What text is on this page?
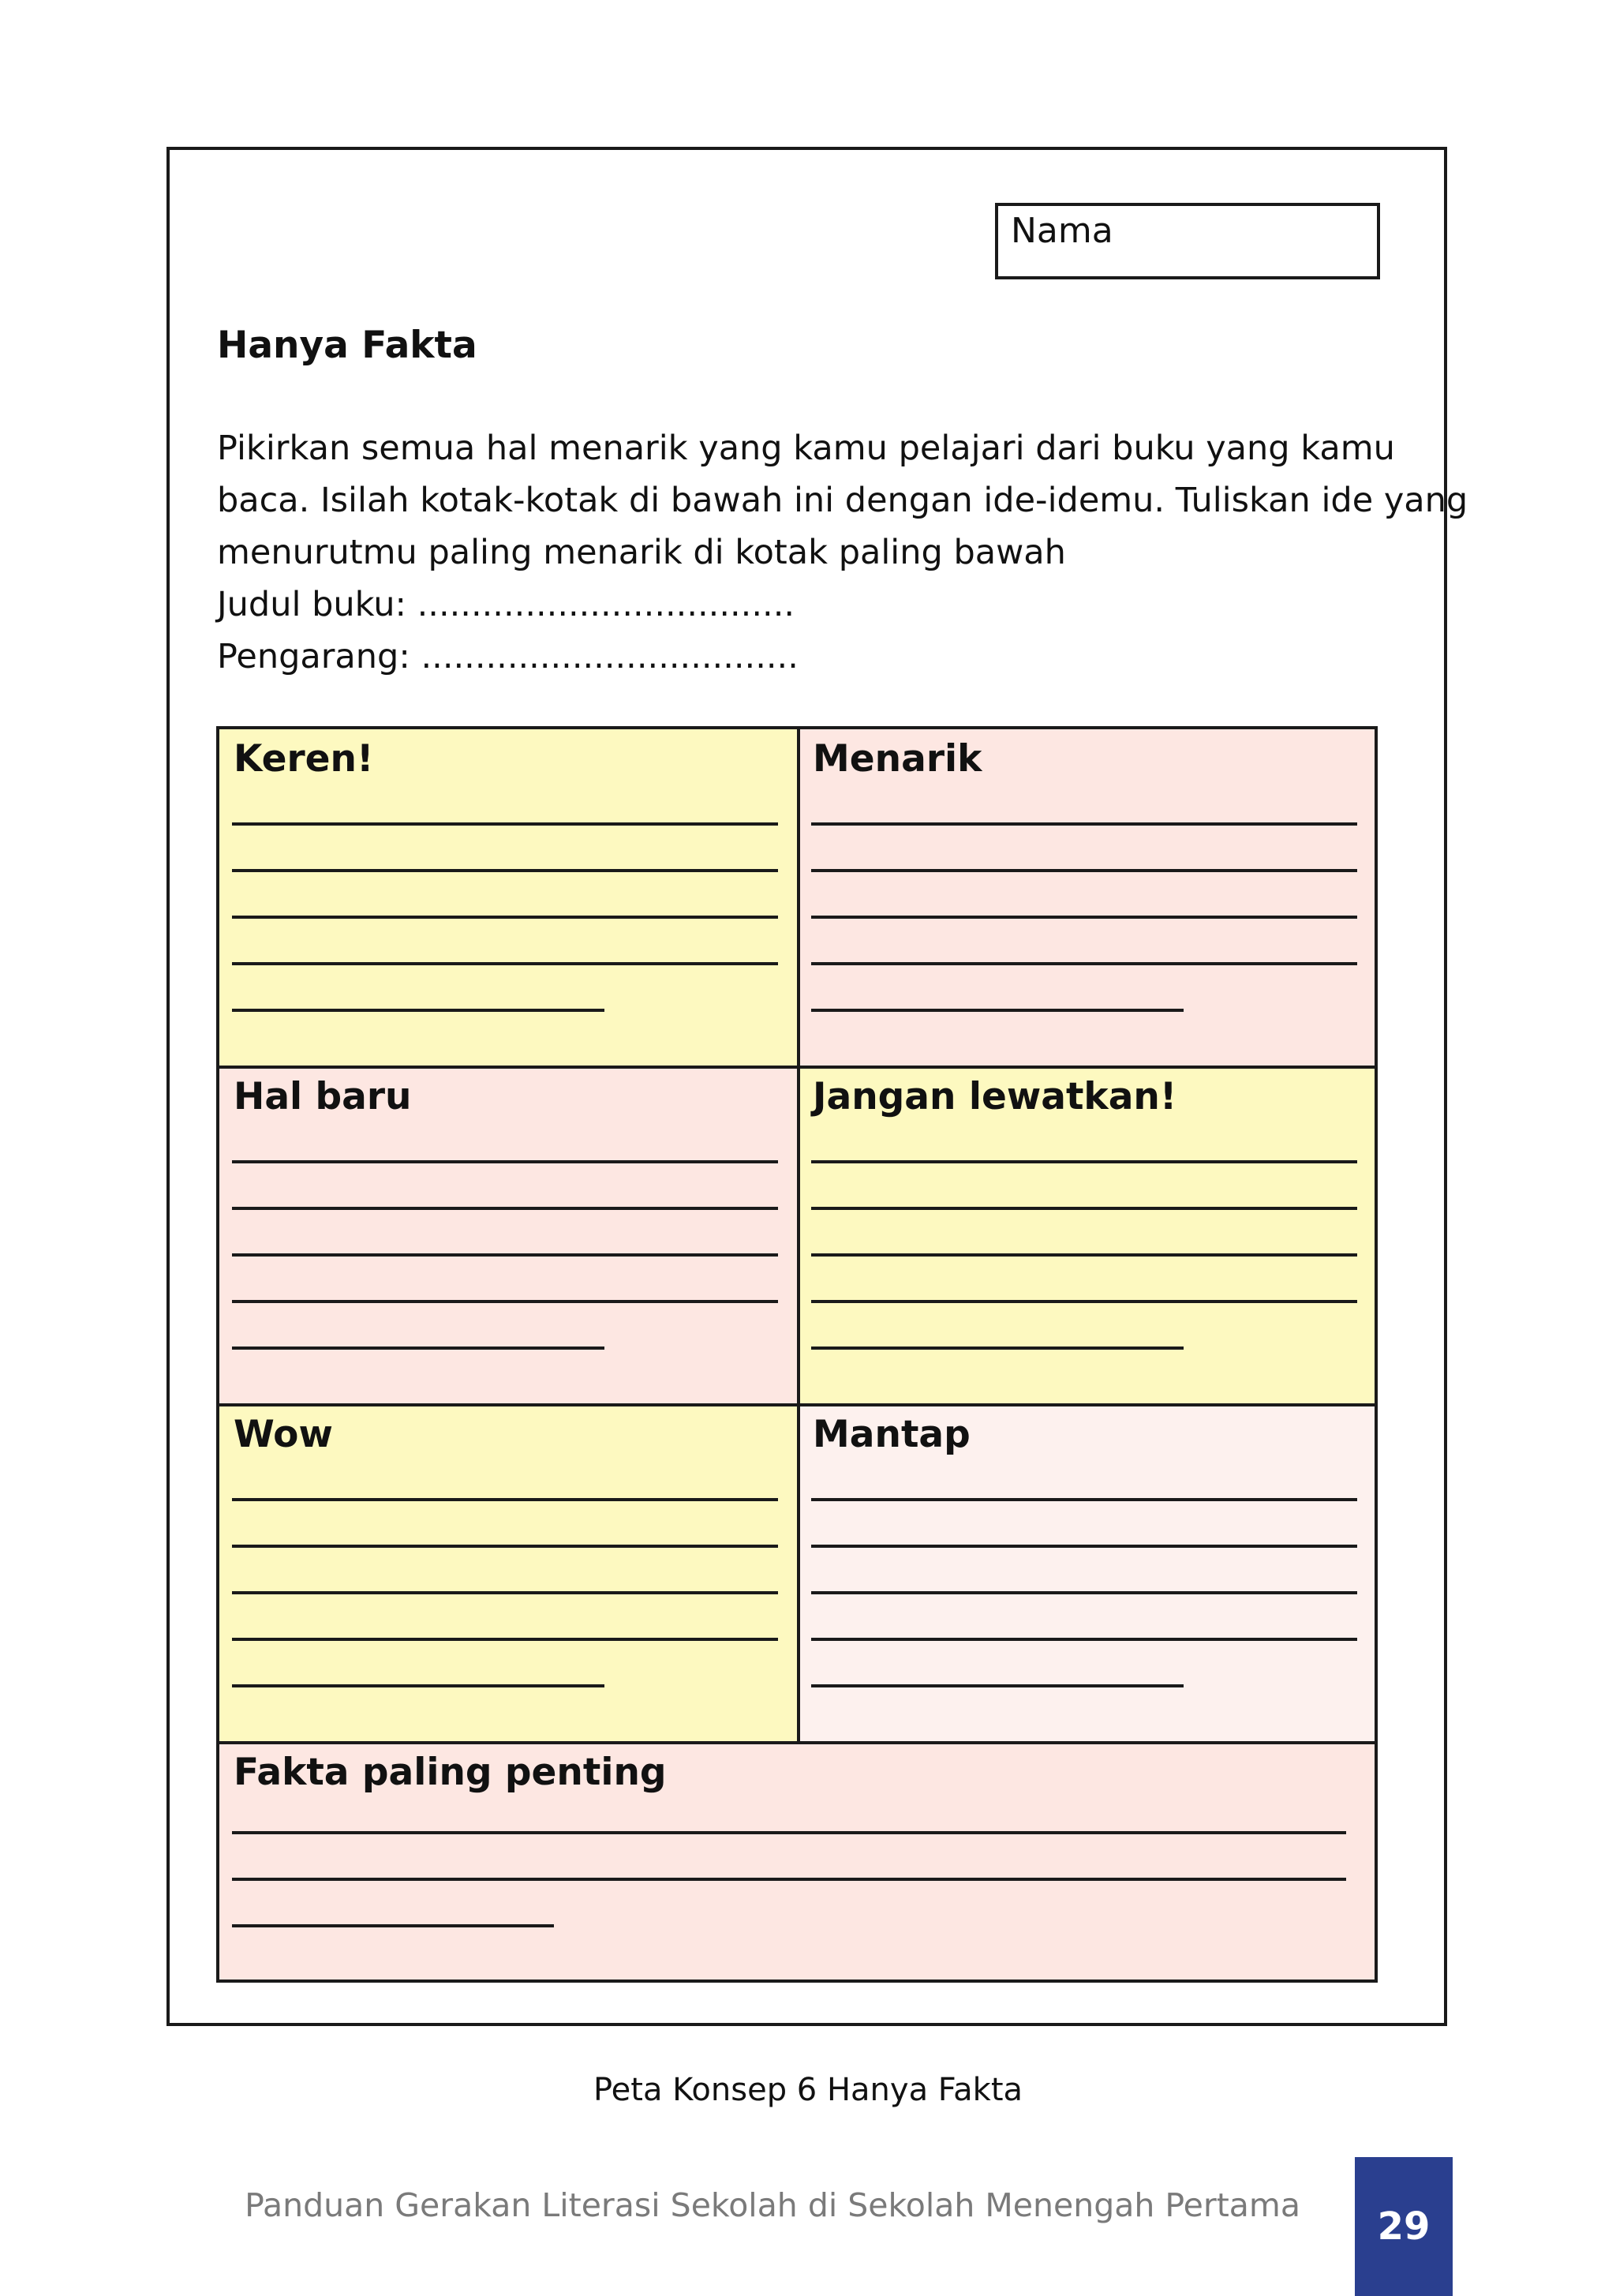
Nama
Hanya Fakta
Pikirkan semua hal menarik yang kamu pelajari dari buku yang kamu
baca. Isilah kotak-kotak di bawah ini dengan ide-idemu. Tuliskan ide yang
menurutmu paling menarik di kotak paling bawah
Judul buku: ...................................
Pengarang: ...................................
Keren!	Menarik
Hal baru	Jangan lewatkan!
Wow	Mantap
Fakta paling penting
Peta Konsep 6 Hanya Fakta
Panduan Gerakan Literasi Sekolah di Sekolah Menengah Pertama	29
